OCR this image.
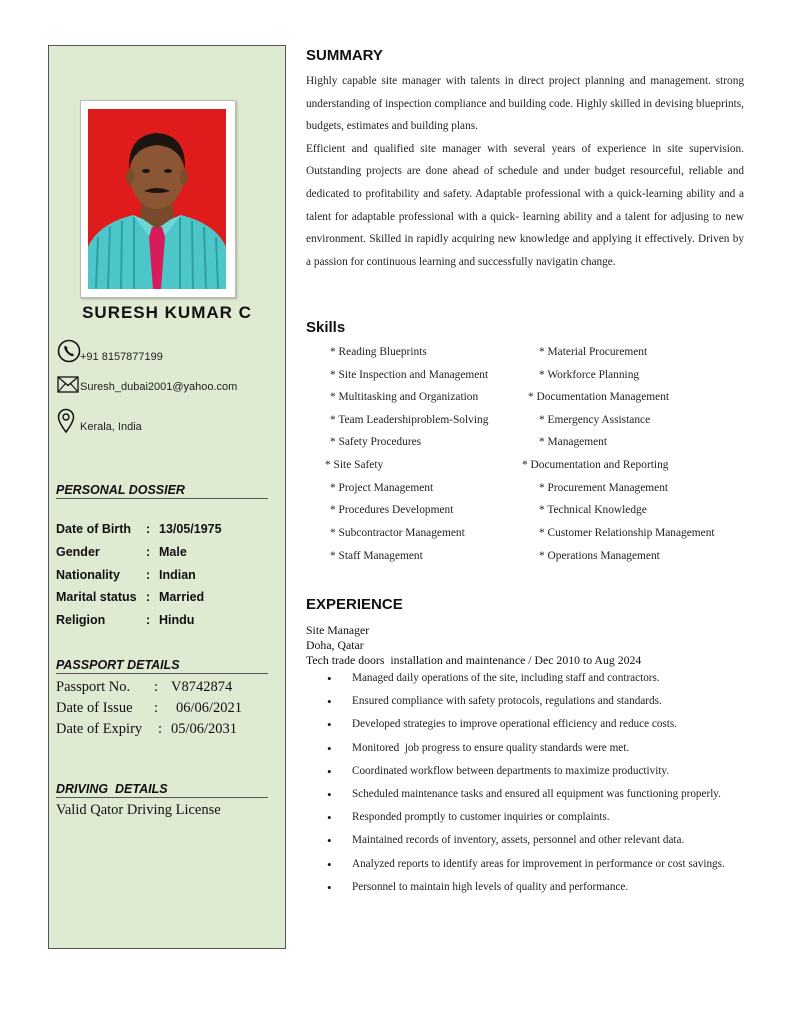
SURESH KUMAR C
+91 8157877199
Suresh_dubai2001@yahoo.com
Kerala, India
PERSONAL DOSSIER
Date of Birth : 13/05/1975
Gender	: Male
Nationality : Indian
Marital status : Married
Religion	: Hindu
PASSPORT DETAILS
Passport No. : V8742874
Date of Issue : 06/06/2021
Date of Expiry : 05/06/2031
DRIVING  DETAILS
Valid Qator Driving License
SUMMARY

Highly capable site manager with talents in direct project planning and management. strong understanding of inspection compliance and building code. Highly skilled in devising blueprints, budgets, estimates and building plans.

Efficient and qualified site manager with several years of experience in site supervision. Outstanding projects are done ahead of schedule and under budget resourceful, reliable and dedicated to profitability and safety. Adaptable professional with a quick-learning ability and a talent for adaptable professional with a quick- learning ability and a talent for adjusing to new environment. Skilled in rapidly acquiring new knowledge and applying it effectively. Driven by a passion for continuous learning and successfully navigatin change.

Skills
* Reading Blueprints
* Site Inspection and Management
* Multitasking and Organization
* Team Leadershiproblem-Solving
* Safety Procedures
* Site Safety
* Project Management
* Procedures Development
* Subcontractor Management
* Staff Management
* Material Procurement
* Workforce Planning
* Documentation Management
* Emergency Assistance
* Management
* Documentation and Reporting
* Procurement Management
* Technical Knowledge
* Customer Relationship Management
* Operations Management
EXPERIENCE
Site Manager
Doha, Qatar
Tech trade doors  installation and maintenance / Dec 2010 to Aug 2024
• Managed daily operations of the site, including staff and contractors.
• Ensured compliance with safety protocols, regulations and standards.
• Developed strategies to improve operational efficiency and reduce costs.
• Monitored  job progress to ensure quality standards were met.
• Coordinated workflow between departments to maximize productivity.
• Scheduled maintenance tasks and ensured all equipment was functioning properly.
• Responded promptly to customer inquiries or complaints.
• Maintained records of inventory, assets, personnel and other relevant data.
• Analyzed reports to identify areas for improvement in performance or cost savings.
• Personnel to maintain high levels of quality and performance.
